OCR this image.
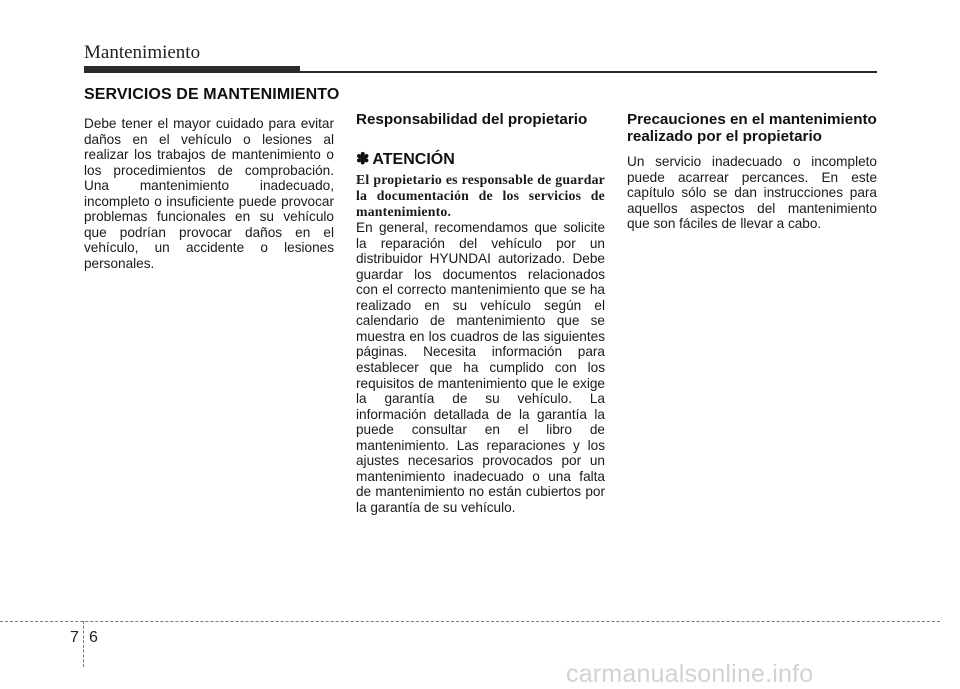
Mantenimiento
SERVICIOS DE MANTENIMIENTO

Debe tener el mayor cuidado para evitar daños en el vehículo o lesiones al realizar los trabajos de mantenimiento o los procedimientos de comprobación. Una mantenimiento inadecuado, incompleto o insuficiente puede provocar problemas funcionales en su vehículo que podrían provocar daños en el vehículo, un accidente o lesiones personales.

Responsabilidad del propietario
✽ ATENCIÓN

El propietario es responsable de guardar la documentación de los servicios de mantenimiento.

En general, recomendamos que solicite la reparación del vehículo por un distribuidor HYUNDAI autorizado. Debe guardar los documentos relacionados con el correcto mantenimiento que se ha realizado en su vehículo según el calendario de mantenimiento que se muestra en los cuadros de las siguientes páginas. Necesita información para establecer que ha cumplido con los requisitos de mantenimiento que le exige la garantía de su vehículo. La información detallada de la garantía la puede consultar en el libro de mantenimiento. Las reparaciones y los ajustes necesarios provocados por un mantenimiento inadecuado o una falta de mantenimiento no están cubiertos por la garantía de su vehículo.

Precauciones en el mantenimiento realizado por el propietario

Un servicio inadecuado o incompleto puede acarrear percances. En este capítulo sólo se dan instrucciones para aquellos aspectos del mantenimiento que son fáciles de llevar a cabo.

7 6
carmanualsonline.info
